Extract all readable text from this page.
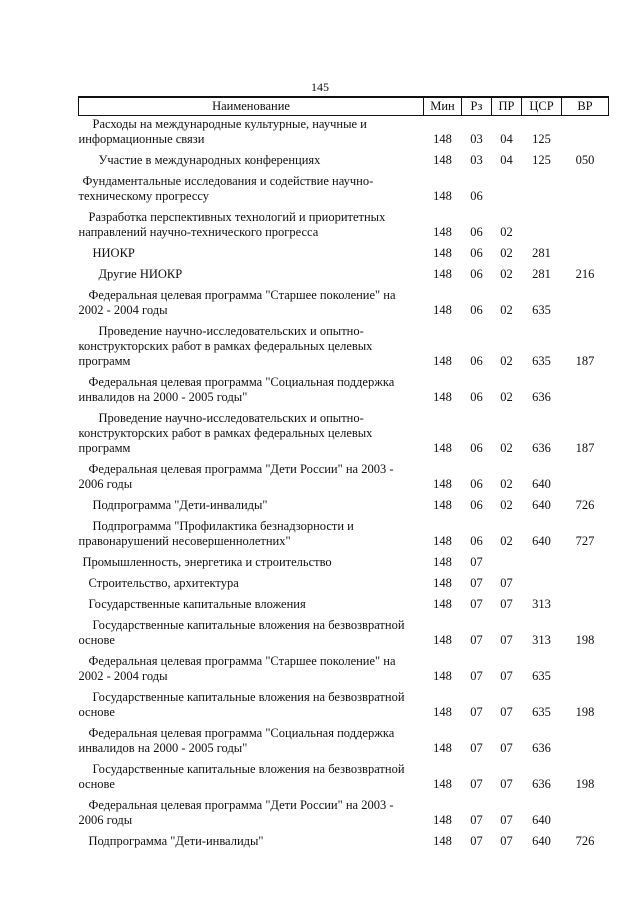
145
Наименование	Мин	Рз	ПР	ЦСР	ВР
Расходы на международные культурные, научные и информационные связи	148	03	04	125	
Участие в международных конференциях	148	03	04	125	050
Фундаментальные исследования и содействие научно-техническому прогрессу	148	06			
Разработка перспективных технологий и приоритетных направлений научно-технического прогресса	148	06	02		
НИОКР	148	06	02	281	
Другие НИОКР	148	06	02	281	216
Федеральная целевая программа "Старшее поколение" на 2002 - 2004 годы	148	06	02	635	
Проведение научно-исследовательских и опытно-конструкторских работ в рамках федеральных целевых программ	148	06	02	635	187
Федеральная целевая программа "Социальная поддержка инвалидов на 2000 - 2005 годы"	148	06	02	636	
Проведение научно-исследовательских и опытно-конструкторских работ в рамках федеральных целевых программ	148	06	02	636	187
Федеральная целевая программа "Дети России" на 2003 - 2006 годы	148	06	02	640	
Подпрограмма "Дети-инвалиды"	148	06	02	640	726
Подпрограмма "Профилактика безнадзорности и правонарушений несовершеннолетних"	148	06	02	640	727
Промышленность, энергетика и строительство	148	07			
Строительство, архитектура	148	07	07		
Государственные капитальные вложения	148	07	07	313	
Государственные капитальные вложения на безвозвратной основе	148	07	07	313	198
Федеральная целевая программа "Старшее поколение" на 2002 - 2004 годы	148	07	07	635	
Государственные капитальные вложения на безвозвратной основе	148	07	07	635	198
Федеральная целевая программа "Социальная поддержка инвалидов на 2000 - 2005 годы"	148	07	07	636	
Государственные капитальные вложения на безвозвратной основе	148	07	07	636	198
Федеральная целевая программа "Дети России" на 2003 - 2006 годы	148	07	07	640	
Подпрограмма "Дети-инвалиды"	148	07	07	640	726
